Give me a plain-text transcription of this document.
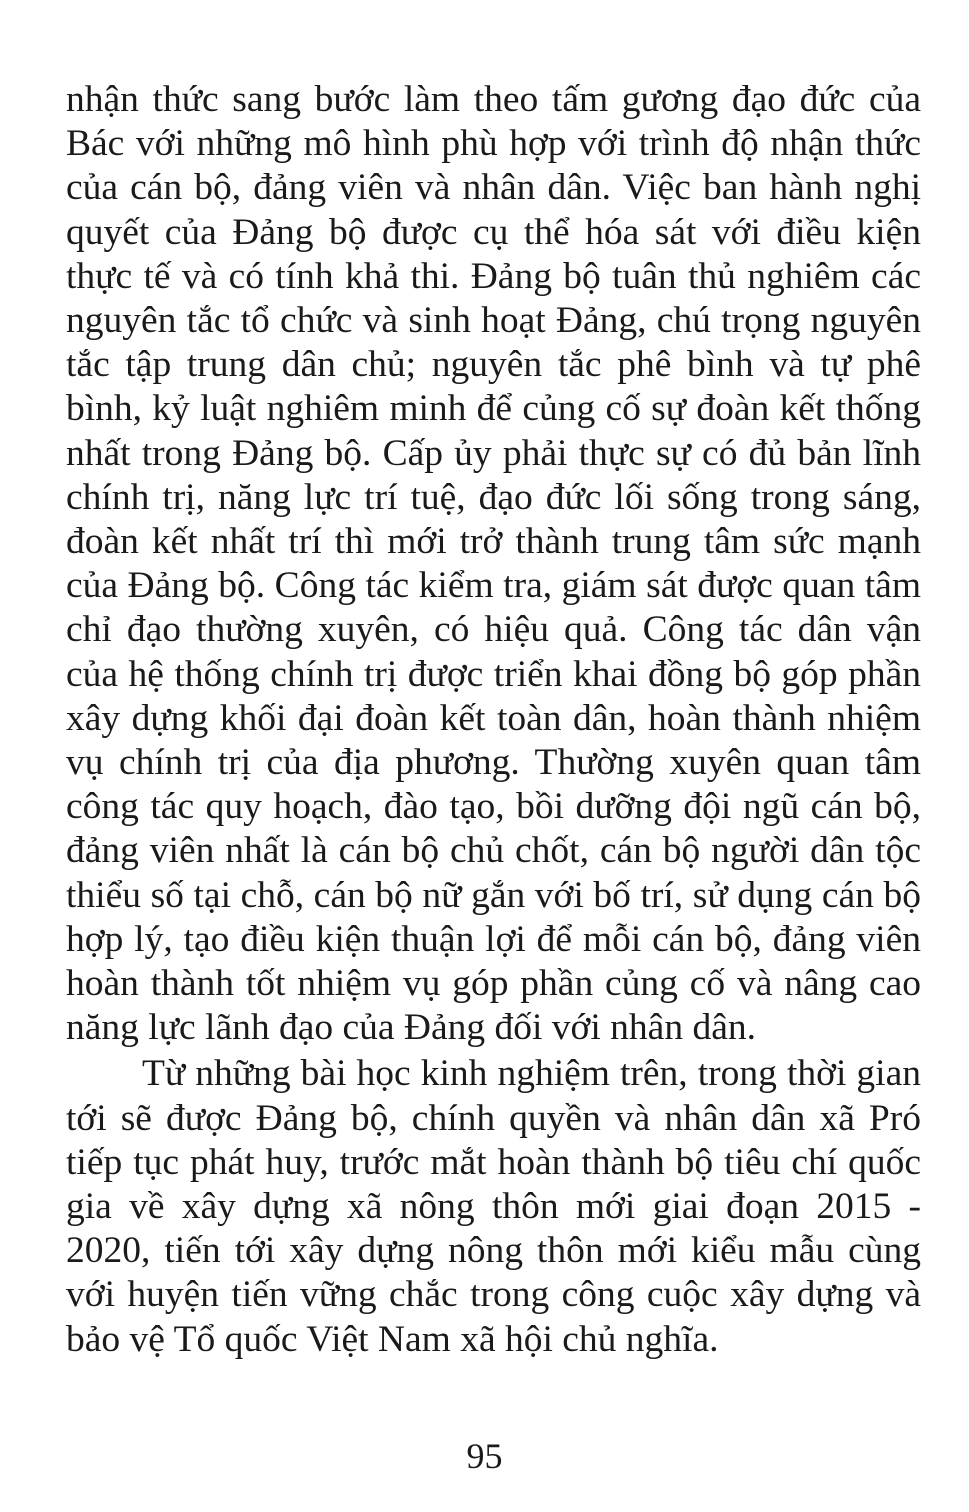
nhận thức sang bước làm theo tấm gương đạo đức của Bác với những mô hình phù hợp với trình độ nhận thức của cán bộ, đảng viên và nhân dân. Việc ban hành nghị quyết của Đảng bộ được cụ thể hóa sát với điều kiện thực tế và có tính khả thi. Đảng bộ tuân thủ nghiêm các nguyên tắc tổ chức và sinh hoạt Đảng, chú trọng nguyên tắc tập trung dân chủ; nguyên tắc phê bình và tự phê bình, kỷ luật nghiêm minh để củng cố sự đoàn kết thống nhất trong Đảng bộ. Cấp ủy phải thực sự có đủ bản lĩnh chính trị, năng lực trí tuệ, đạo đức lối sống trong sáng, đoàn kết nhất trí thì mới trở thành trung tâm sức mạnh của Đảng bộ. Công tác kiểm tra, giám sát được quan tâm chỉ đạo thường xuyên, có hiệu quả. Công tác dân vận của hệ thống chính trị được triển khai đồng bộ góp phần xây dựng khối đại đoàn kết toàn dân, hoàn thành nhiệm vụ chính trị của địa phương. Thường xuyên quan tâm công tác quy hoạch, đào tạo, bồi dưỡng đội ngũ cán bộ, đảng viên nhất là cán bộ chủ chốt, cán bộ người dân tộc thiểu số tại chỗ, cán bộ nữ gắn với bố trí, sử dụng cán bộ hợp lý, tạo điều kiện thuận lợi để mỗi cán bộ, đảng viên hoàn thành tốt nhiệm vụ góp phần củng cố và nâng cao năng lực lãnh đạo của Đảng đối với nhân dân.

Từ những bài học kinh nghiệm trên, trong thời gian tới sẽ được Đảng bộ, chính quyền và nhân dân xã Pró tiếp tục phát huy, trước mắt hoàn thành bộ tiêu chí quốc gia về xây dựng xã nông thôn mới giai đoạn 2015 - 2020, tiến tới xây dựng nông thôn mới kiểu mẫu cùng với huyện tiến vững chắc trong công cuộc xây dựng và bảo vệ Tổ quốc Việt Nam xã hội chủ nghĩa.

95
